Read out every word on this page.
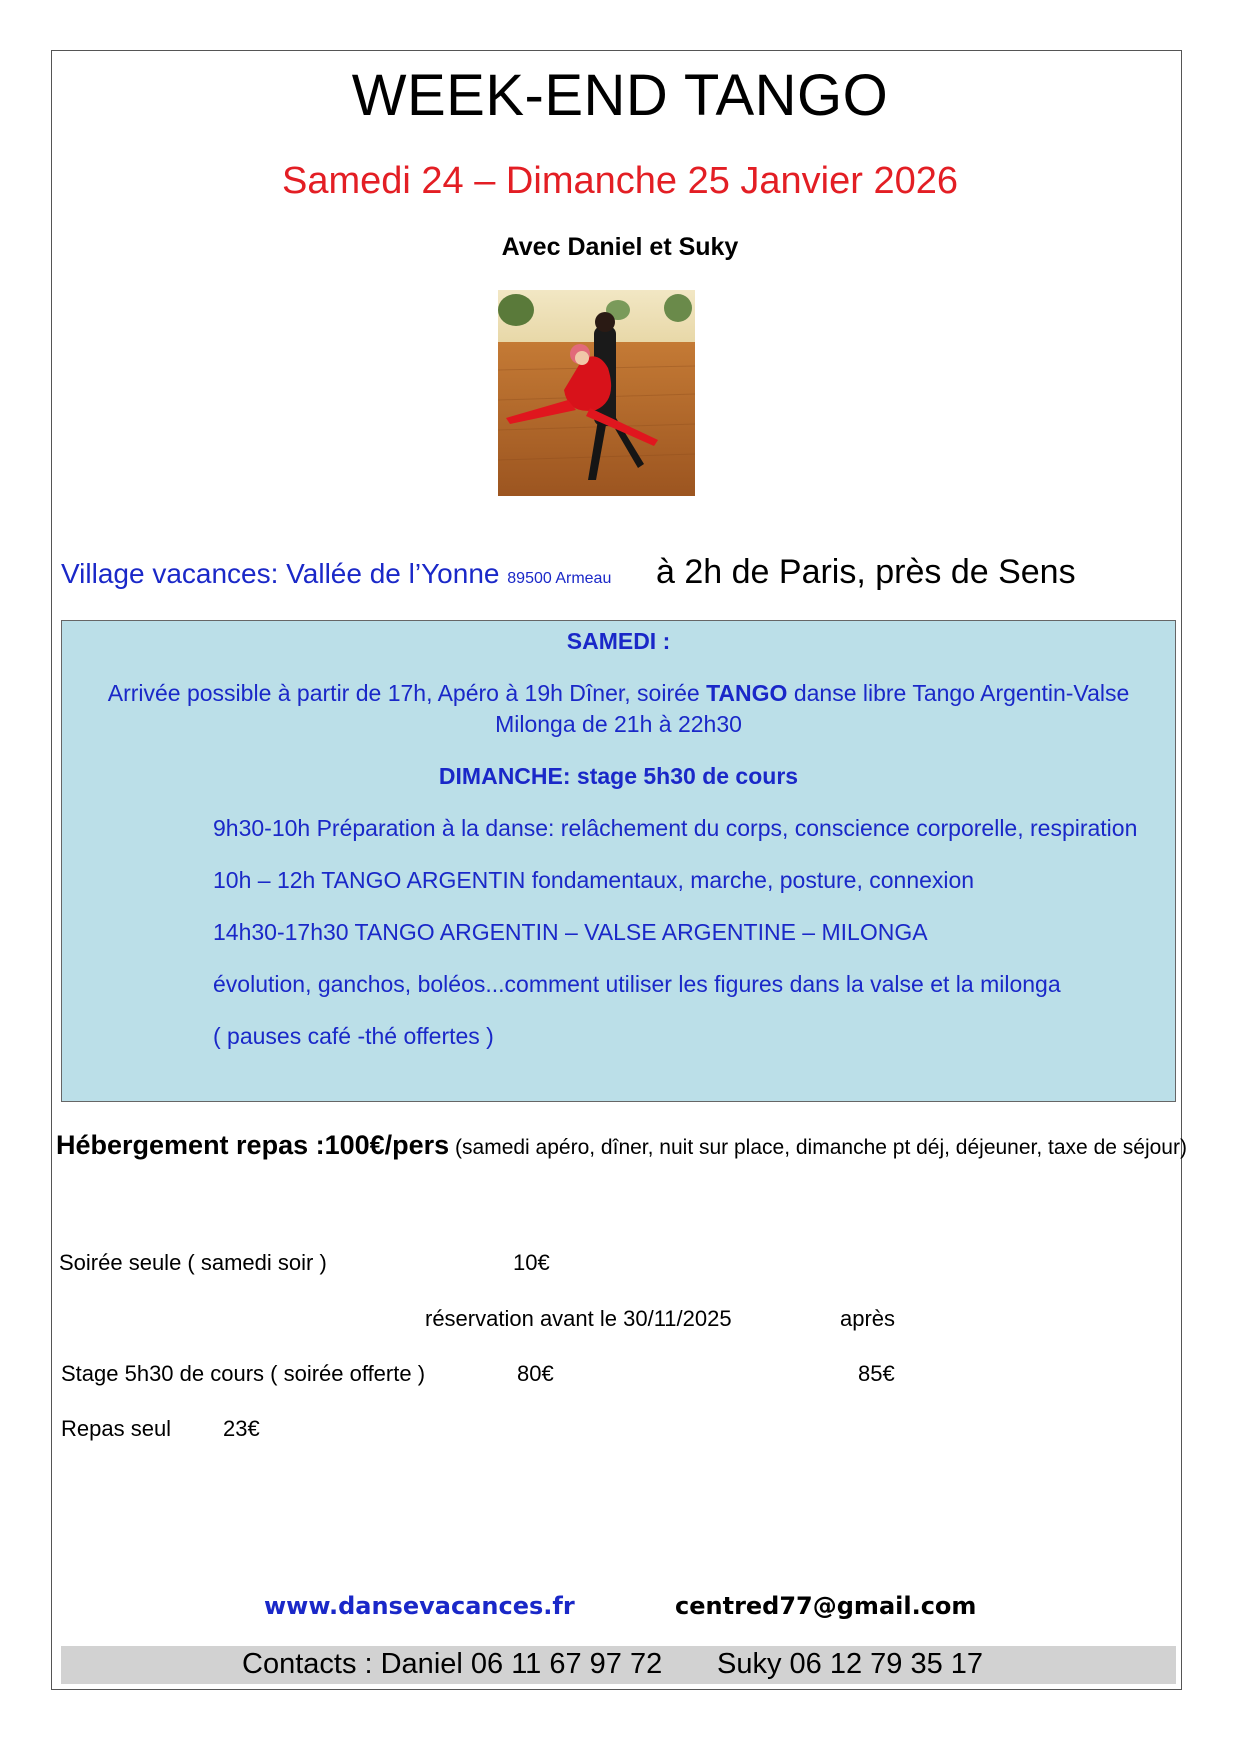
WEEK-END TANGO
Samedi 24 – Dimanche 25 Janvier 2026
Avec Daniel et Suky
Village vacances: Vallée de l’Yonne 89500 Armeau à 2h de Paris, près de Sens
SAMEDI :
Arrivée possible à partir de 17h, Apéro à 19h Dîner, soirée TANGO danse libre Tango Argentin-Valse
Milonga de 21h à 22h30
DIMANCHE: stage 5h30 de cours
9h30-10h Préparation à la danse: relâchement du corps, conscience corporelle, respiration
10h – 12h TANGO ARGENTIN fondamentaux, marche, posture, connexion
14h30-17h30 TANGO ARGENTIN – VALSE ARGENTINE – MILONGA
évolution, ganchos, boléos...comment utiliser les figures dans la valse et la milonga
( pauses café -thé offertes )
Hébergement repas :100€/pers (samedi apéro, dîner, nuit sur place, dimanche pt déj, déjeuner, taxe de séjour)
Soirée seule ( samedi soir )	10€
réservation avant le 30/11/2025	après
Stage 5h30 de cours ( soirée offerte )	80€	85€
Repas seul 23€
www.dansevacances.fr	centred77@gmail.com
Contacts : Daniel 06 11 67 97 72 Suky 06 12 79 35 17
